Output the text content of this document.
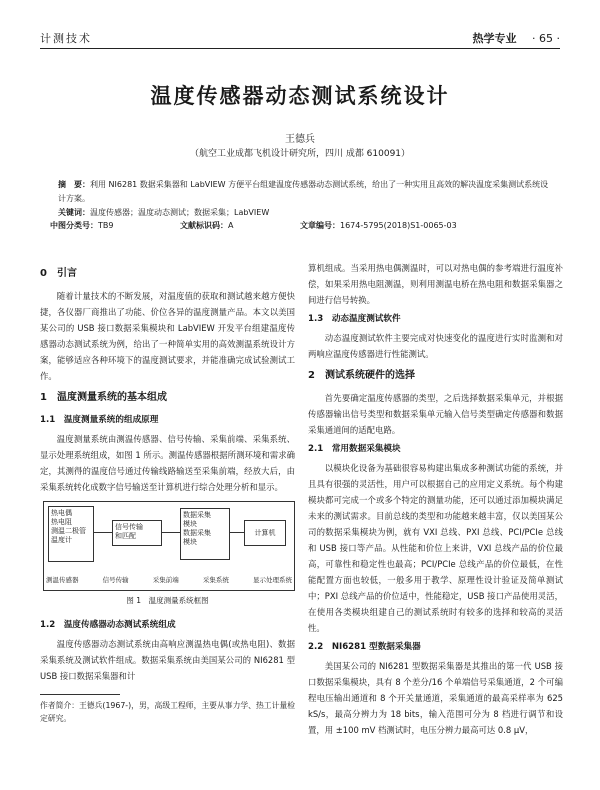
计测技术	热学专业 · 65 ·
温度传感器动态测试系统设计
王德兵
（航空工业成都飞机设计研究所，四川 成都 610091）
摘　要：利用 NI6281 数据采集器和 LabVIEW 方便平台组建温度传感器动态测试系统，给出了一种实用且高效的解决温度采集测试系统设计方案。
关键词：温度传感器；温度动态测试；数据采集；LabVIEW
中图分类号：TB9	文献标识码：A	文章编号：1674-5795(2018)S1-0065-03
0　引言

随着计量技术的不断发展，对温度值的获取和测试越来越方便快捷，各仪器厂商推出了功能、价位各异的温度测量产品。本文以美国某公司的 USB 接口数据采集模块和 LabVIEW 开发平台组建温度传感器动态测试系统为例，给出了一种简单实用的高效测温系统设计方案，能够适应各种环境下的温度测试要求，并能准确完成试验测试工作。

1　温度测量系统的基本组成
1.1　温度测量系统的组成原理

温度测量系统由测温传感器、信号传输、采集前端、采集系统、显示处理系统组成，如图 1 所示。测温传感器根据所测环境和需求确定，其测得的温度信号通过传输线路输送至采集前端，经放大后，由采集系统转化成数字信号输送至计算机进行综合处理分析和显示。

热电偶
热电阻
测温二极管
温度计
信号传输
和匹配
数据采集
模块
数据采集
模块
计算机
测温传感器	信号传输	采集前端	采集系统	显示处理系统
图 1　温度测量系统框图
1.2　温度传感器动态测试系统组成

温度传感器动态测试系统由高响应测温热电偶(或热电阻)、数据采集系统及测试软件组成。数据采集系统由美国某公司的 NI6281 型 USB 接口数据采集器和计

作者简介：王德兵(1967-)，男，高级工程师，主要从事力学、热工计量检定研究。

算机组成。当采用热电偶测温时，可以对热电偶的参考端进行温度补偿，如果采用热电阻测温，则利用测温电桥在热电阻和数据采集器之间进行信号转换。

1.3　动态温度测试软件

动态温度测试软件主要完成对快速变化的温度进行实时监测和对两响应温度传感器进行性能测试。

2　测试系统硬件的选择

首先要确定温度传感器的类型，之后选择数据采集单元，并根据传感器输出信号类型和数据采集单元输入信号类型确定传感器和数据采集通道间的适配电路。

2.1　常用数据采集模块

以模块化设备为基础很容易构建出集成多种测试功能的系统，并且具有很强的灵活性，用户可以根据自己的应用定义系统。每个构建模块都可完成一个或多个特定的测量功能，还可以通过添加模块满足未来的测试需求。目前总线的类型和功能越来越丰富，仅以美国某公司的数据采集模块为例，就有 VXI 总线、PXI 总线、PCI/PCIe 总线和 USB 接口等产品。从性能和价位上来讲，VXI 总线产品的价位最高，可靠性和稳定性也最高；PCI/PCIe 总线产品的价位最低，在性能配置方面也较低，一般多用于教学、原理性设计验证及简单测试中；PXI 总线产品的价位适中，性能稳定，USB 接口产品使用灵活，在使用各类模块组建自己的测试系统时有较多的选择和较高的灵活性。

2.2　NI6281 型数据采集器

美国某公司的 NI6281 型数据采集器是其推出的第一代 USB 接口数据采集模块，具有 8 个差分/16 个单端信号采集通道，2 个可编程电压输出通道和 8 个开关量通道，采集通道的最高采样率为 625 kS/s，最高分辨力为 18 bits，输入范围可分为 8 档进行调节和设置，用 ±100 mV 档测试时，电压分辨力最高可达 0.8 μV，
